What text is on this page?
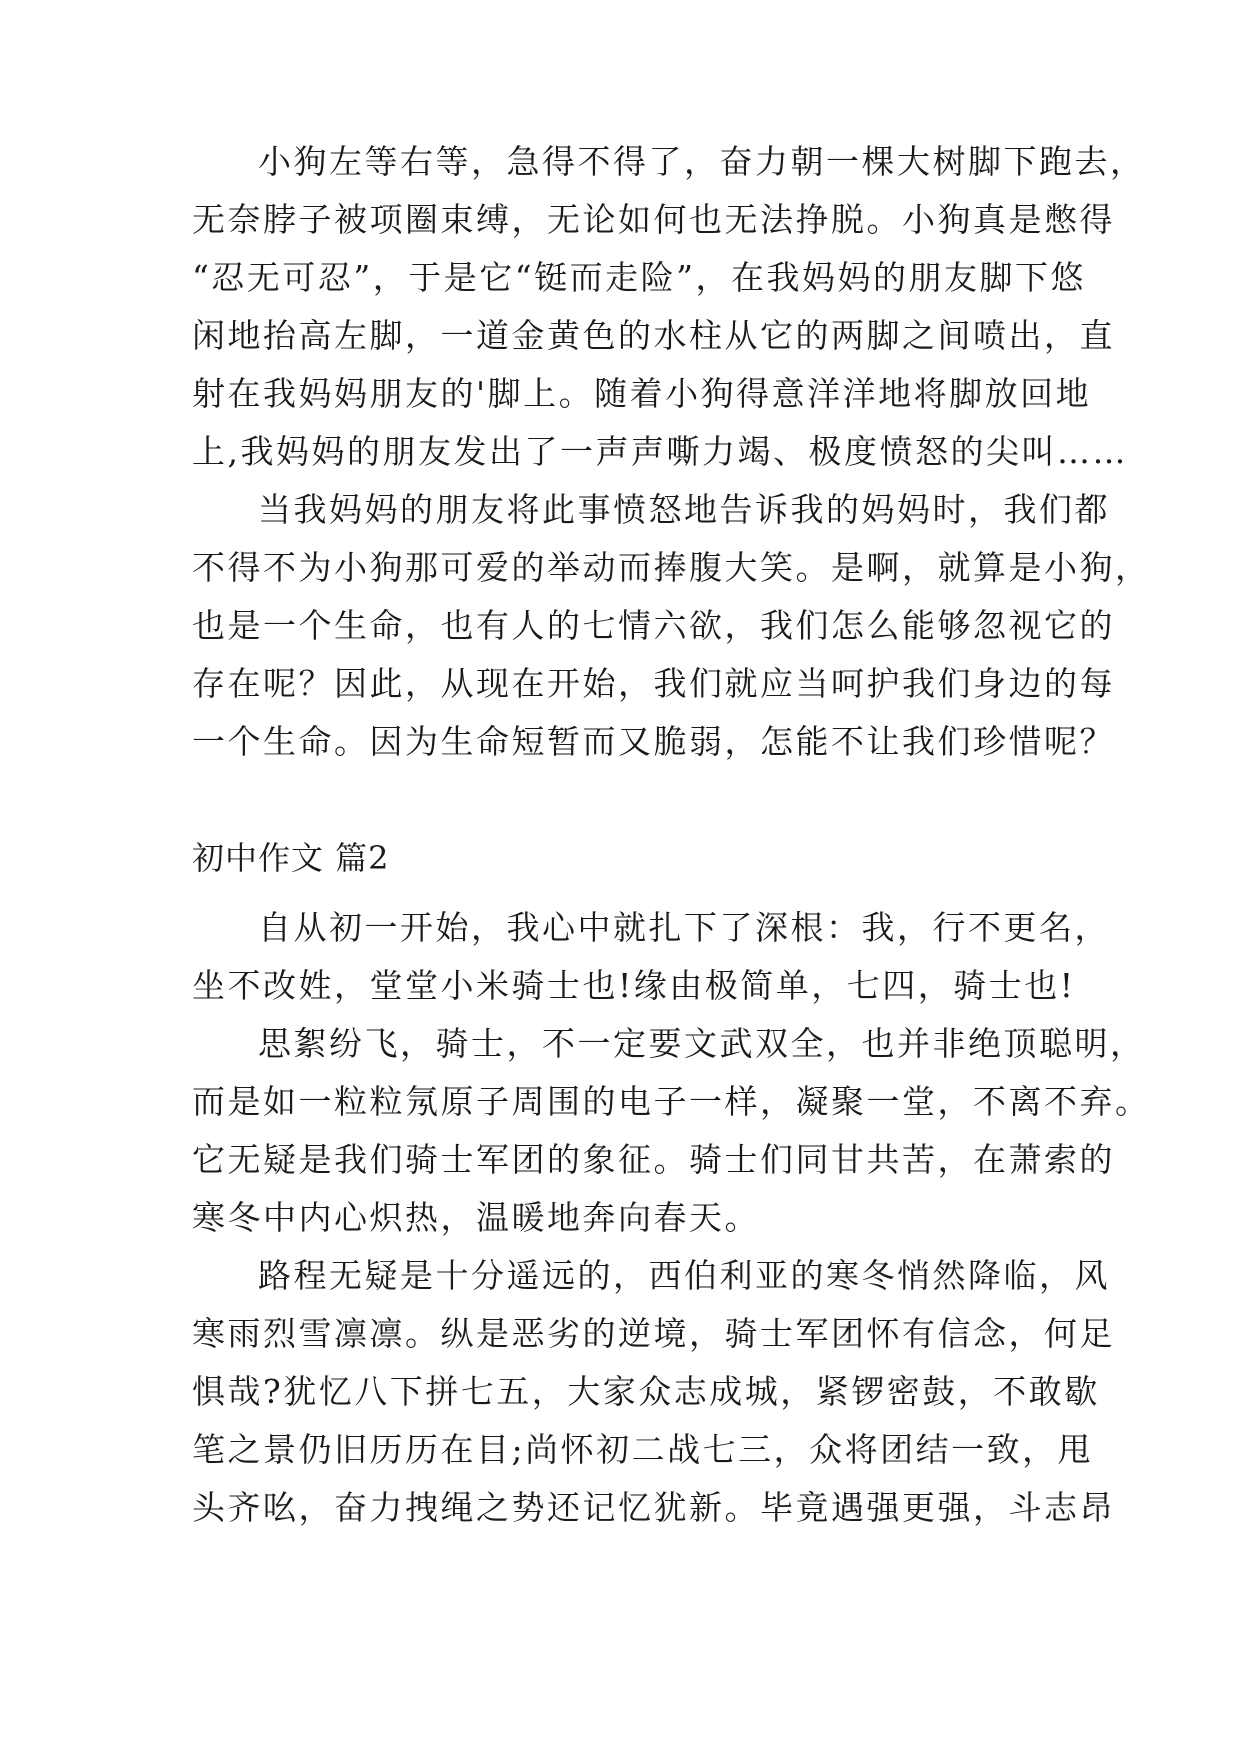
小狗左等右等，急得不得了，奋力朝一棵大树脚下跑去，

无奈脖子被项圈束缚，无论如何也无法挣脱。小狗真是憋得

“忍无可忍”，于是它“铤而走险”，在我妈妈的朋友脚下悠

闲地抬高左脚，一道金黄色的水柱从它的两脚之间喷出，直

射在我妈妈朋友的'脚上。随着小狗得意洋洋地将脚放回地

上,我妈妈的朋友发出了一声声嘶力竭、极度愤怒的尖叫……

当我妈妈的朋友将此事愤怒地告诉我的妈妈时，我们都

不得不为小狗那可爱的举动而捧腹大笑。是啊，就算是小狗，

也是一个生命，也有人的七情六欲，我们怎么能够忽视它的

存在呢？因此，从现在开始，我们就应当呵护我们身边的每

一个生命。因为生命短暂而又脆弱，怎能不让我们珍惜呢？

初中作文 篇2

自从初一开始，我心中就扎下了深根：我，行不更名，

坐不改姓，堂堂小米骑士也!缘由极简单，七四，骑士也!

思絮纷飞，骑士，不一定要文武双全，也并非绝顶聪明，

而是如一粒粒氖原子周围的电子一样，凝聚一堂，不离不弃。

它无疑是我们骑士军团的象征。骑士们同甘共苦，在萧索的

寒冬中内心炽热，温暖地奔向春天。

路程无疑是十分遥远的，西伯利亚的寒冬悄然降临，风

寒雨烈雪凛凛。纵是恶劣的逆境，骑士军团怀有信念，何足

惧哉?犹忆八下拼七五，大家众志成城，紧锣密鼓，不敢歇

笔之景仍旧历历在目;尚怀初二战七三，众将团结一致，甩

头齐吆，奋力拽绳之势还记忆犹新。毕竟遇强更强，斗志昂
